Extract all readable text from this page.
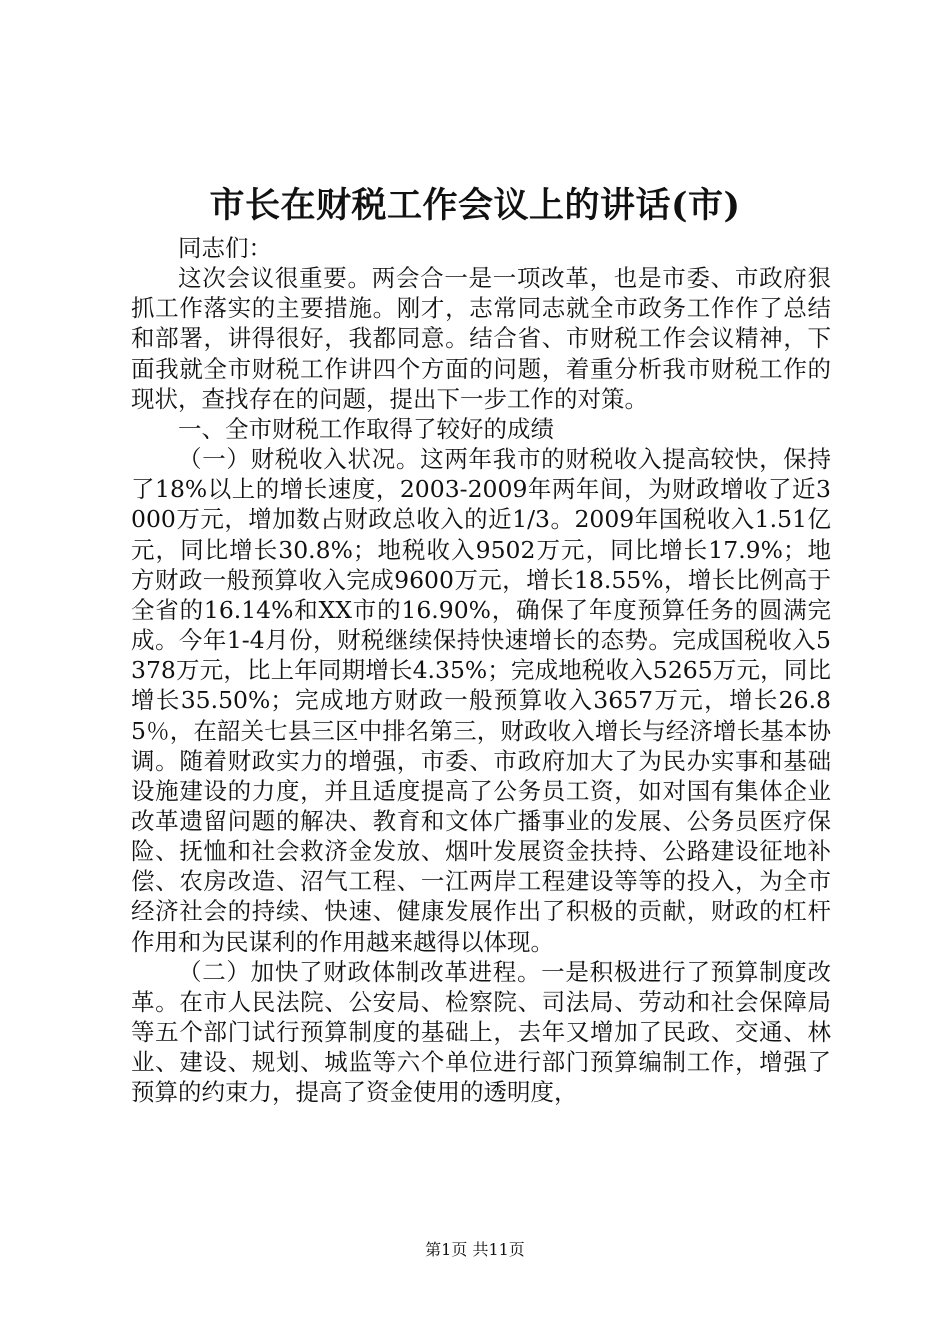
市长在财税工作会议上的讲话(市)

同志们：

这次会议很重要。两会合一是一项改革，也是市委、市政府狠抓工作落实的主要措施。刚才，志常同志就全市政务工作作了总结和部署，讲得很好，我都同意。结合省、市财税工作会议精神，下面我就全市财税工作讲四个方面的问题，着重分析我市财税工作的现状，查找存在的问题，提出下一步工作的对策。

一、全市财税工作取得了较好的成绩

（一）财税收入状况。这两年我市的财税收入提高较快，保持了18%以上的增长速度，2003-2009年两年间，为财政增收了近3000万元，增加数占财政总收入的近1/3。2009年国税收入1.51亿元，同比增长30.8%；地税收入9502万元，同比增长17.9%；地方财政一般预算收入完成9600万元，增长18.55%，增长比例高于全省的16.14%和XX市的16.90%，确保了年度预算任务的圆满完成。今年1-4月份，财税继续保持快速增长的态势。完成国税收入5378万元，比上年同期增长4.35%；完成地税收入5265万元，同比增长35.50%；完成地方财政一般预算收入3657万元，增长26.85％，在韶关七县三区中排名第三，财政收入增长与经济增长基本协调。随着财政实力的增强，市委、市政府加大了为民办实事和基础设施建设的力度，并且适度提高了公务员工资，如对国有集体企业改革遗留问题的解决、教育和文体广播事业的发展、公务员医疗保险、抚恤和社会救济金发放、烟叶发展资金扶持、公路建设征地补偿、农房改造、沼气工程、一江两岸工程建设等等的投入，为全市经济社会的持续、快速、健康发展作出了积极的贡献，财政的杠杆作用和为民谋利的作用越来越得以体现。

（二）加快了财政体制改革进程。一是积极进行了预算制度改革。在市人民法院、公安局、检察院、司法局、劳动和社会保障局等五个部门试行预算制度的基础上，去年又增加了民政、交通、林业、建设、规划、城监等六个单位进行部门预算编制工作，增强了预算的约束力，提高了资金使用的透明度，

第1页 共11页
